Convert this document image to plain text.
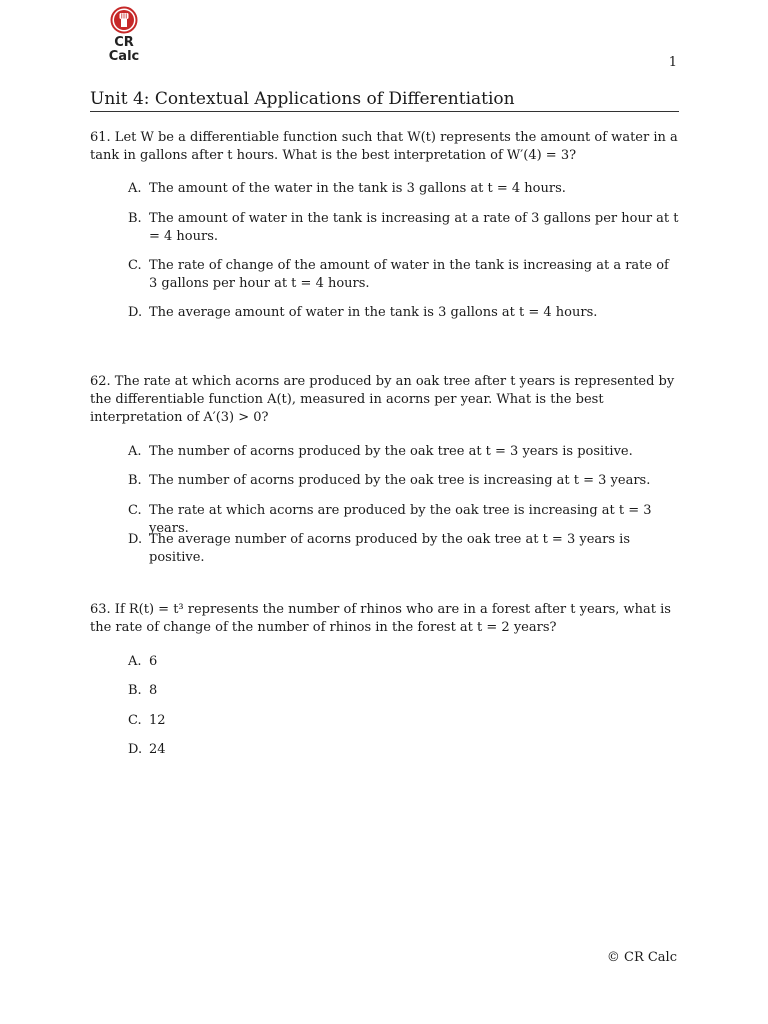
CR
Calc	1
Unit 4: Contextual Applications of Differentiation

61. Let W be a differentiable function such that W(t) represents the amount of water in a tank in gallons after t hours. What is the best interpretation of W′(4) = 3?

A. The amount of the water in the tank is 3 gallons at t = 4 hours.
B. The amount of water in the tank is increasing at a rate of 3 gallons per hour at t = 4 hours.
C. The rate of change of the amount of water in the tank is increasing at a rate of 3 gallons per hour at t = 4 hours.
D. The average amount of water in the tank is 3 gallons at t = 4 hours.

62. The rate at which acorns are produced by an oak tree after t years is represented by the differentiable function A(t), measured in acorns per year. What is the best interpretation of A′(3) > 0?

A. The number of acorns produced by the oak tree at t = 3 years is positive.
B. The number of acorns produced by the oak tree is increasing at t = 3 years.
C. The rate at which acorns are produced by the oak tree is increasing at t = 3 years.
D. The average number of acorns produced by the oak tree at t = 3 years is positive.

63. If R(t) = t³ represents the number of rhinos who are in a forest after t years, what is the rate of change of the number of rhinos in the forest at t = 2 years?

A. 6
B. 8
C. 12
D. 24
© CR Calc
